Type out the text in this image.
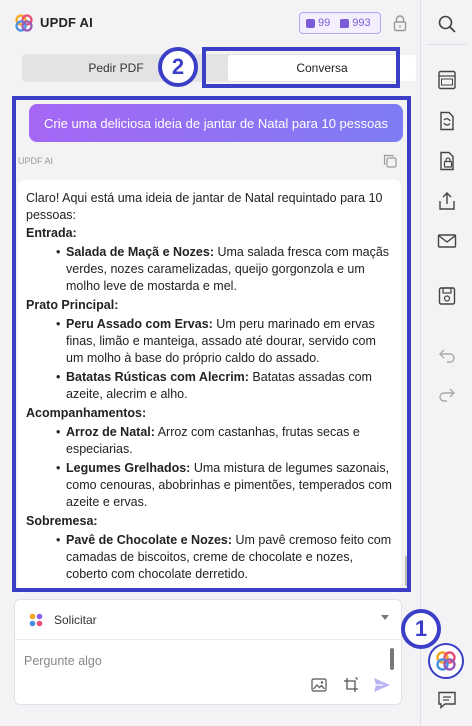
UPDF AI	99 993
Pedir PDF	Conversa
2
Crie uma deliciosa ideia de jantar de Natal para 10 pessoas
UPDF AI

Claro! Aqui está uma ideia de jantar de Natal requintado para 10 pessoas:

Entrada:

• Salada de Maçã e Nozes: Uma salada fresca com maçãs verdes, nozes caramelizadas, queijo gorgonzola e um molho leve de mostarda e mel.

Prato Principal:

• Peru Assado com Ervas: Um peru marinado em ervas finas, limão e manteiga, assado até dourar, servido com um molho à base do próprio caldo do assado.
• Batatas Rústicas com Alecrim: Batatas assadas com azeite, alecrim e alho.

Acompanhamentos:

• Arroz de Natal: Arroz com castanhas, frutas secas e especiarias.
• Legumes Grelhados: Uma mistura de legumes sazonais, como cenouras, abobrinhas e pimentões, temperados com azeite e ervas.

Sobremesa:

• Pavê de Chocolate e Nozes: Um pavê cremoso feito com camadas de biscoitos, creme de chocolate e nozes, coberto com chocolate derretido.
Solicitar
Pergunte algo	1
